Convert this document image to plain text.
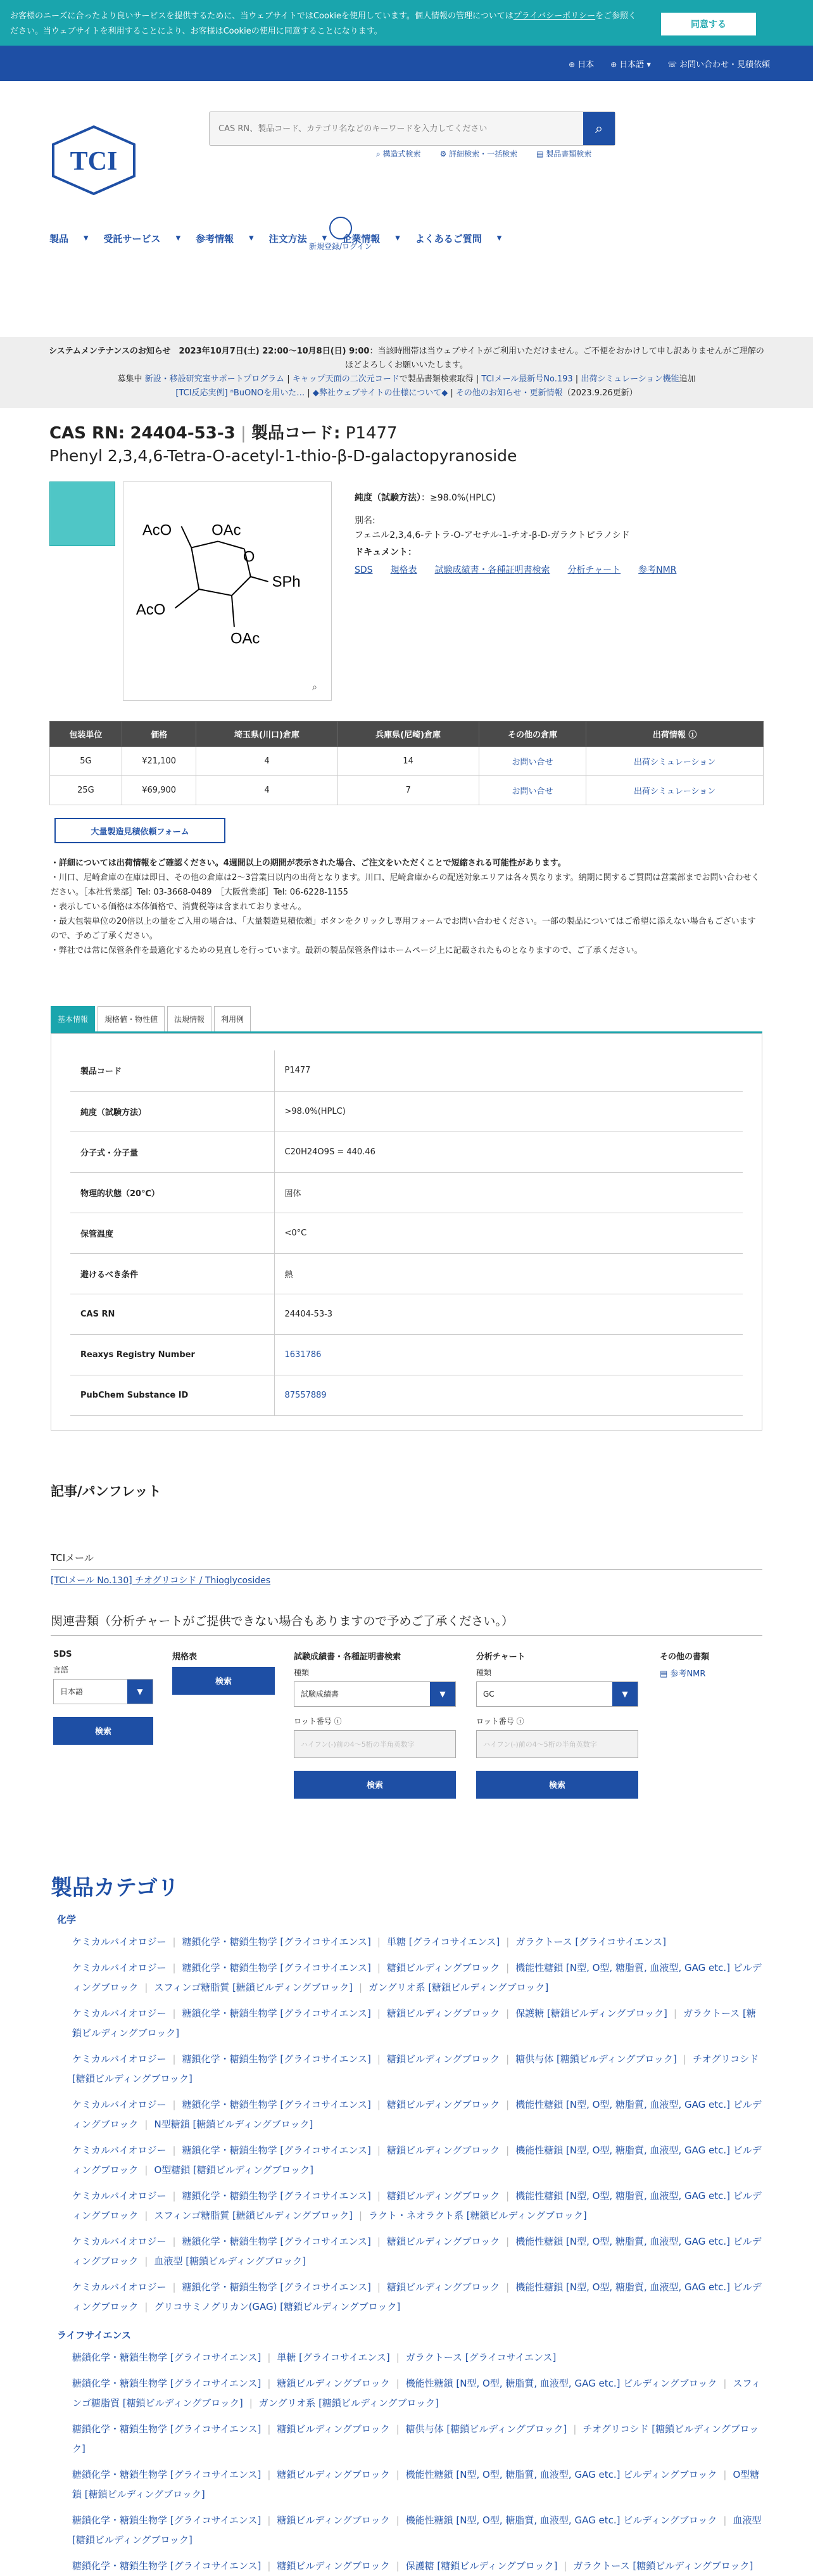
お客様のニーズに合ったより良いサービスを提供するために、当ウェブサイトではCookieを使用しています。個人情報の管理についてはプライバシーポリシーをご参照ください。当ウェブサイトを利用することにより、お客様はCookieの使用に同意することになります。
同意する
⊕ 日本 ⊕ 日本語 ▾ ☏ お問い合わせ・見積依頼
TCI
CAS RN、製品コード、カテゴリ名などのキーワードを入力してください
⌕
⌕ 構造式検索	⚙ 詳細検索・一括検索	▤ 製品書類検索
製品 ▾ 受託サービス ▾ 参考情報 ▾ 注文方法 ▾ 企業情報 ▾ よくあるご質問 ▾
新規登録/ログイン
システムメンテナンスのお知らせ　 2023年10月7日(土) 22:00～10月8日(日) 9:00：当該時間帯は当ウェブサイトがご利用いただけません。ご不便をおかけして申し訳ありませんがご理解のほどよろしくお願いいたします。
募集中 新設・移設研究室サポートプログラム | キャップ天面の二次元コードで製品書類検索取得 | TCIメール最新号No.193 | 出荷シミュレーション機能追加
[TCI反応実例] ⁿBuONOを用いた… | ◆弊社ウェブサイトの仕様について◆ | その他のお知らせ・更新情報（2023.9.26更新）
CAS RN: 24404-53-3 | 製品コード: P1477
Phenyl 2,3,4,6-Tetra-O-acetyl-1-thio-β-D-galactopyranoside
AcO	OAc
O
SPh
AcO
OAc
⌕
純度（試験方法）：≥98.0%(HPLC)
別名:
フェニル2,3,4,6-テトラ-O-アセチル-1-チオ-β-D-ガラクトピラノシド
ドキュメント：
SDS 規格表 試験成績書・各種証明書検索 分析チャート 参考NMR
包装単位	価格	埼玉県(川口)倉庫	兵庫県(尼崎)倉庫	その他の倉庫	出荷情報 ⓘ
5G	¥21,100	4	14	お問い合せ	出荷シミュレーション
25G	¥69,900	4	7	お問い合せ	出荷シミュレーション
大量製造見積依頼フォーム
・詳細については出荷情報をご確認ください。4週間以上の期間が表示された場合、ご注文をいただくことで短縮される可能性があります。
・川口、尼崎倉庫の在庫は即日、その他の倉庫は2～3営業日以内の出荷となります。川口、尼崎倉庫からの配送対象エリアは各々異なります。納期に関するご質問は営業部までお問い合わせください。［本社営業部］Tel: 03-3668-0489　［大阪営業部］Tel: 06-6228-1155
・表示している価格は本体価格で、消費税等は含まれておりません。
・最大包装単位の20倍以上の量をご入用の場合は、「大量製造見積依頼」ボタンをクリックし専用フォームでお問い合わせください。一部の製品についてはご希望に添えない場合もございますので、予めご了承ください。
・弊社では常に保管条件を最適化するための見直しを行っています。最新の製品保管条件はホームページ上に記載されたものとなりますので、ご了承ください。
基本情報	規格値・物性値	法規情報	利用例
製品コード	P1477
純度（試験方法）	>98.0%(HPLC)
分子式・分子量	C20H24O9S = 440.46
物理的状態（20℃）	固体
保管温度	<0°C
避けるべき条件	熱
CAS RN	24404-53-3
Reaxys Registry Number	1631786
PubChem Substance ID	87557889
記事/パンフレット
TCIメール
[TCIメール No.130] チオグリコシド / Thioglycosides
関連書類（分析チャートがご提供できない場合もありますので予めご了承ください。）
SDS
言語
日本語	▼
検索
規格表
検索
試験成績書・各種証明書検索
種類
試験成績書	▼
ロット番号 ⓘ
ハイフン(-)前の4～5桁の半角英数字
検索
分析チャート
種類
GC	▼
ロット番号 ⓘ
ハイフン(-)前の4～5桁の半角英数字
検索
その他の書類
▤ 参考NMR
製品カテゴリ
化学
ケミカルバイオロジー | 糖鎖化学・糖鎖生物学 [グライコサイエンス] | 単糖 [グライコサイエンス] | ガラクトース [グライコサイエンス]
ケミカルバイオロジー | 糖鎖化学・糖鎖生物学 [グライコサイエンス] | 糖鎖ビルディングブロック | 機能性糖鎖 [N型, O型, 糖脂質, 血液型, GAG etc.] ビルディングブロック | スフィンゴ糖脂質 [糖鎖ビルディングブロック] | ガングリオ系 [糖鎖ビルディングブロック]
ケミカルバイオロジー | 糖鎖化学・糖鎖生物学 [グライコサイエンス] | 糖鎖ビルディングブロック | 保護糖 [糖鎖ビルディングブロック] | ガラクトース [糖鎖ビルディングブロック]
ケミカルバイオロジー | 糖鎖化学・糖鎖生物学 [グライコサイエンス] | 糖鎖ビルディングブロック | 糖供与体 [糖鎖ビルディングブロック] | チオグリコシド [糖鎖ビルディングブロック]
ケミカルバイオロジー | 糖鎖化学・糖鎖生物学 [グライコサイエンス] | 糖鎖ビルディングブロック | 機能性糖鎖 [N型, O型, 糖脂質, 血液型, GAG etc.] ビルディングブロック | N型糖鎖 [糖鎖ビルディングブロック]
ケミカルバイオロジー | 糖鎖化学・糖鎖生物学 [グライコサイエンス] | 糖鎖ビルディングブロック | 機能性糖鎖 [N型, O型, 糖脂質, 血液型, GAG etc.] ビルディングブロック | O型糖鎖 [糖鎖ビルディングブロック]
ケミカルバイオロジー | 糖鎖化学・糖鎖生物学 [グライコサイエンス] | 糖鎖ビルディングブロック | 機能性糖鎖 [N型, O型, 糖脂質, 血液型, GAG etc.] ビルディングブロック | スフィンゴ糖脂質 [糖鎖ビルディングブロック] | ラクト・ネオラクト系 [糖鎖ビルディングブロック]
ケミカルバイオロジー | 糖鎖化学・糖鎖生物学 [グライコサイエンス] | 糖鎖ビルディングブロック | 機能性糖鎖 [N型, O型, 糖脂質, 血液型, GAG etc.] ビルディングブロック | 血液型 [糖鎖ビルディングブロック]
ケミカルバイオロジー | 糖鎖化学・糖鎖生物学 [グライコサイエンス] | 糖鎖ビルディングブロック | 機能性糖鎖 [N型, O型, 糖脂質, 血液型, GAG etc.] ビルディングブロック | グリコサミノグリカン(GAG) [糖鎖ビルディングブロック]
ライフサイエンス
糖鎖化学・糖鎖生物学 [グライコサイエンス] | 単糖 [グライコサイエンス] | ガラクトース [グライコサイエンス]
糖鎖化学・糖鎖生物学 [グライコサイエンス] | 糖鎖ビルディングブロック | 機能性糖鎖 [N型, O型, 糖脂質, 血液型, GAG etc.] ビルディングブロック | スフィンゴ糖脂質 [糖鎖ビルディングブロック] | ガングリオ系 [糖鎖ビルディングブロック]
糖鎖化学・糖鎖生物学 [グライコサイエンス] | 糖鎖ビルディングブロック | 糖供与体 [糖鎖ビルディングブロック] | チオグリコシド [糖鎖ビルディングブロック]
糖鎖化学・糖鎖生物学 [グライコサイエンス] | 糖鎖ビルディングブロック | 機能性糖鎖 [N型, O型, 糖脂質, 血液型, GAG etc.] ビルディングブロック | O型糖鎖 [糖鎖ビルディングブロック]
糖鎖化学・糖鎖生物学 [グライコサイエンス] | 糖鎖ビルディングブロック | 機能性糖鎖 [N型, O型, 糖脂質, 血液型, GAG etc.] ビルディングブロック | 血液型 [糖鎖ビルディングブロック]
糖鎖化学・糖鎖生物学 [グライコサイエンス] | 糖鎖ビルディングブロック | 保護糖 [糖鎖ビルディングブロック] | ガラクトース [糖鎖ビルディングブロック]
